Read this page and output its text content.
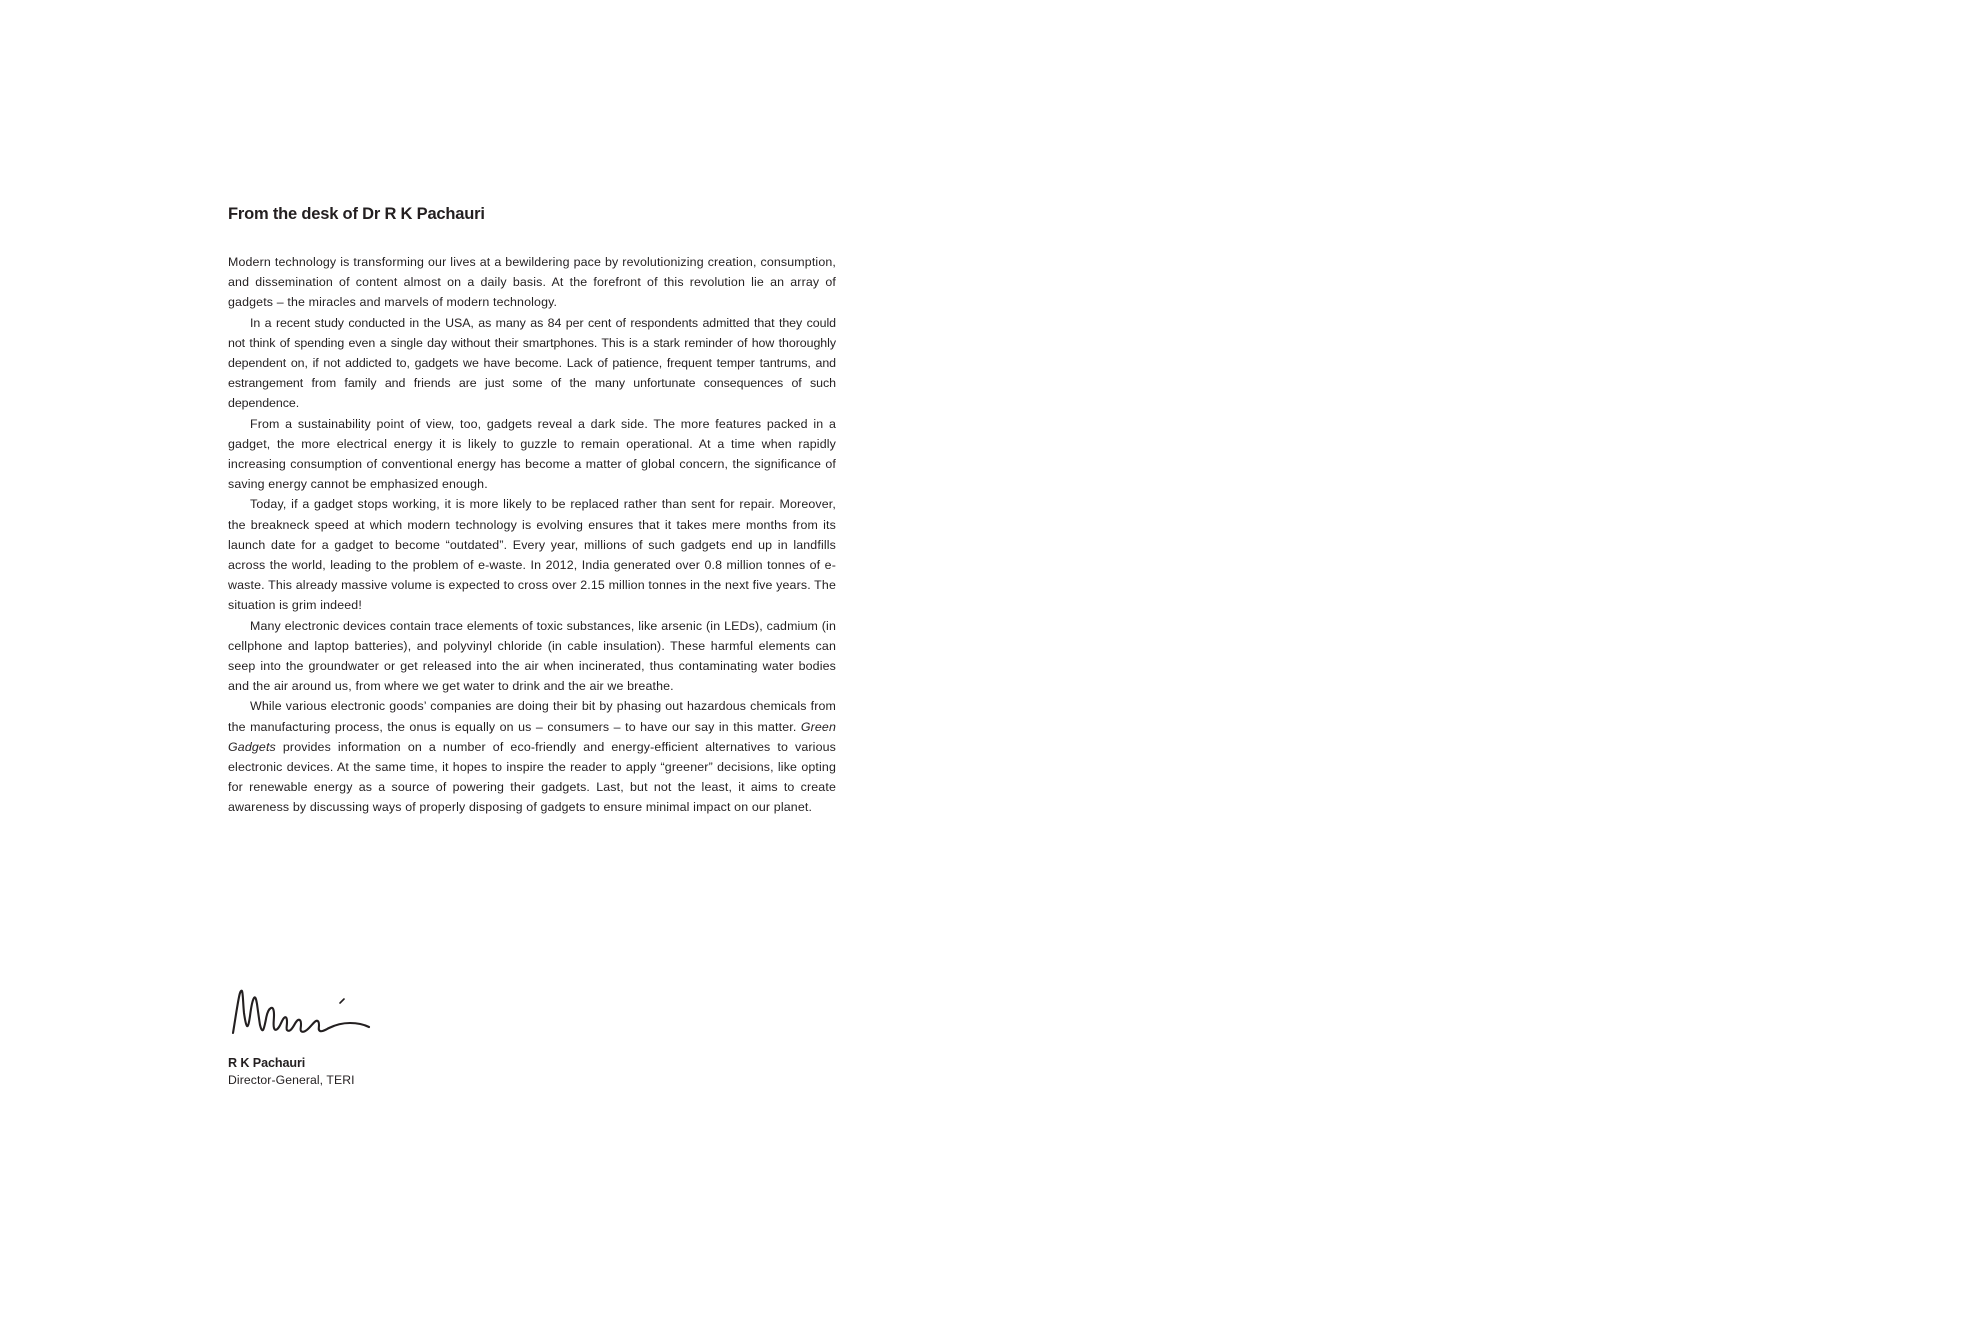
From the desk of Dr R K Pachauri

Modern technology is transforming our lives at a bewildering pace by revolutionizing creation, consumption, and dissemination of content almost on a daily basis. At the forefront of this revolution lie an array of gadgets – the miracles and marvels of modern technology.

In a recent study conducted in the USA, as many as 84 per cent of respondents admitted that they could not think of spending even a single day without their smartphones. This is a stark reminder of how thoroughly dependent on, if not addicted to, gadgets we have become. Lack of patience, frequent temper tantrums, and estrangement from family and friends are just some of the many unfortunate consequences of such dependence.

From a sustainability point of view, too, gadgets reveal a dark side. The more features packed in a gadget, the more electrical energy it is likely to guzzle to remain operational. At a time when rapidly increasing consumption of conventional energy has become a matter of global concern, the significance of saving energy cannot be emphasized enough.

Today, if a gadget stops working, it is more likely to be replaced rather than sent for repair. Moreover, the breakneck speed at which modern technology is evolving ensures that it takes mere months from its launch date for a gadget to become “outdated”. Every year, millions of such gadgets end up in landfills across the world, leading to the problem of e-waste. In 2012, India generated over 0.8 million tonnes of e-waste. This already massive volume is expected to cross over 2.15 million tonnes in the next five years. The situation is grim indeed!

Many electronic devices contain trace elements of toxic substances, like arsenic (in LEDs), cadmium (in cellphone and laptop batteries), and polyvinyl chloride (in cable insulation). These harmful elements can seep into the groundwater or get released into the air when incinerated, thus contaminating water bodies and the air around us, from where we get water to drink and the air we breathe.

While various electronic goods’ companies are doing their bit by phasing out hazardous chemicals from the manufacturing process, the onus is equally on us – consumers – to have our say in this matter. Green Gadgets provides information on a number of eco-friendly and energy-efficient alternatives to various electronic devices. At the same time, it hopes to inspire the reader to apply “greener” decisions, like opting for renewable energy as a source of powering their gadgets. Last, but not the least, it aims to create awareness by discussing ways of properly disposing of gadgets to ensure minimal impact on our planet.

R K Pachauri

Director-General, TERI
